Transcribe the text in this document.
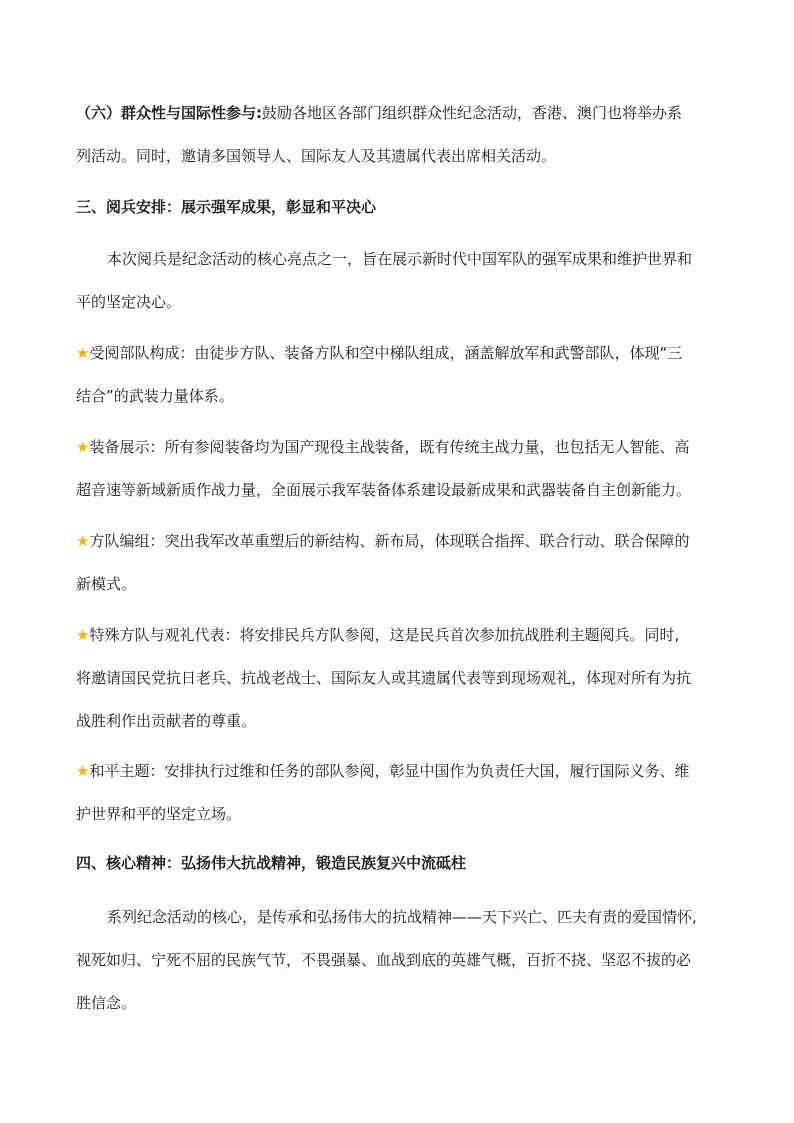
（六）群众性与国际性参与:鼓励各地区各部门组织群众性纪念活动，香港、澳门也将举办系
列活动。同时，邀请多国领导人、国际友人及其遗属代表出席相关活动。
三、阅兵安排：展示强军成果，彰显和平决心
本次阅兵是纪念活动的核心亮点之一，旨在展示新时代中国军队的强军成果和维护世界和
平的坚定决心。
★受阅部队构成：由徒步方队、装备方队和空中梯队组成，涵盖解放军和武警部队，体现“三
结合”的武装力量体系。
★装备展示：所有参阅装备均为国产现役主战装备，既有传统主战力量，也包括无人智能、高
超音速等新域新质作战力量，全面展示我军装备体系建设最新成果和武器装备自主创新能力。
★方队编组：突出我军改革重塑后的新结构、新布局，体现联合指挥、联合行动、联合保障的
新模式。
★特殊方队与观礼代表：将安排民兵方队参阅，这是民兵首次参加抗战胜利主题阅兵。同时,
将邀请国民党抗日老兵、抗战老战士、国际友人或其遗属代表等到现场观礼，体现对所有为抗
战胜利作出贡献者的尊重。
★和平主题：安排执行过维和任务的部队参阅，彰显中国作为负责任大国，履行国际义务、维
护世界和平的坚定立场。
四、核心精神：弘扬伟大抗战精神，锻造民族复兴中流砥柱
系列纪念活动的核心，是传承和弘扬伟大的抗战精神——天下兴亡、匹夫有责的爱国情怀,
视死如归、宁死不屈的民族气节，不畏强暴、血战到底的英雄气概，百折不挠、坚忍不拔的必
胜信念。
